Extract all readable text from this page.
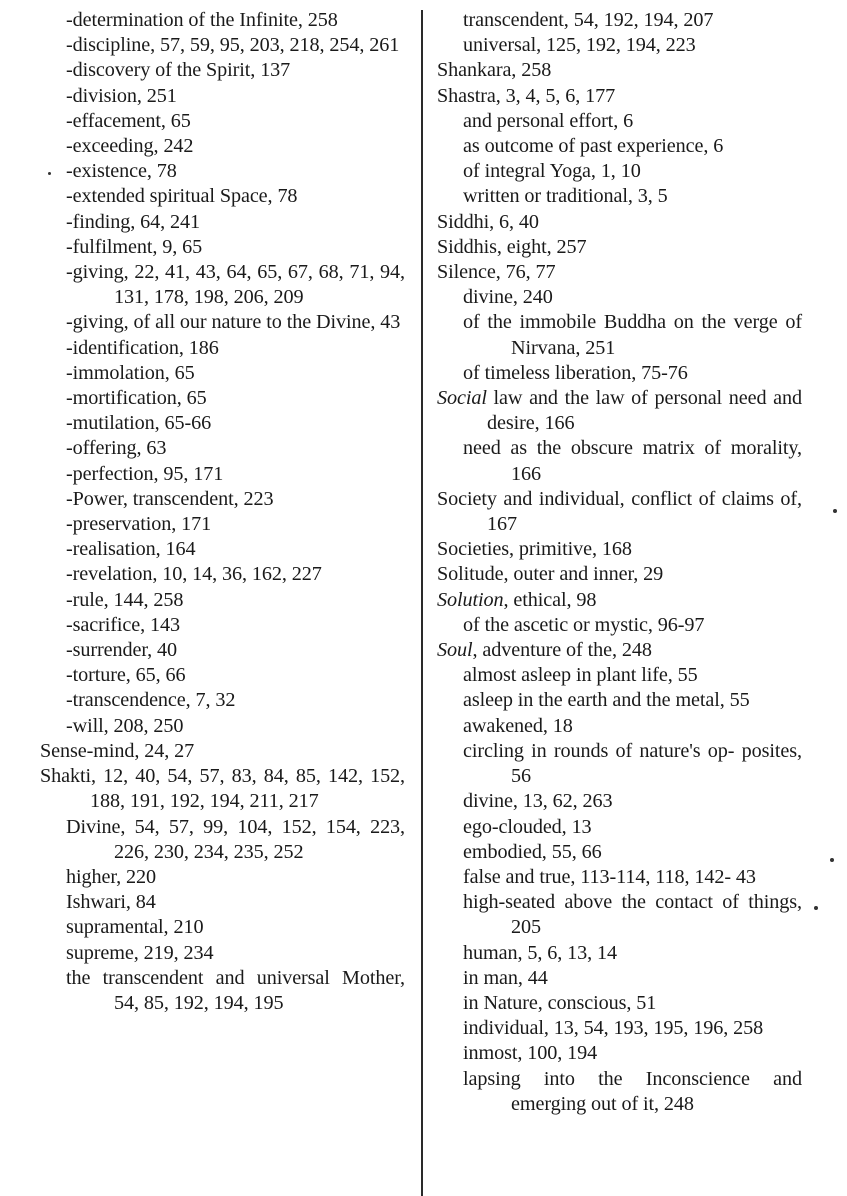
-determination of the Infinite, 258
-discipline, 57, 59, 95, 203, 218, 254, 261
-discovery of the Spirit, 137
-division, 251
-effacement, 65
-exceeding, 242
-existence, 78
-extended spiritual Space, 78
-finding, 64, 241
-fulfilment, 9, 65
-giving, 22, 41, 43, 64, 65, 67, 68, 71, 94, 131, 178, 198, 206, 209
-giving, of all our nature to the Divine, 43
-identification, 186
-immolation, 65
-mortification, 65
-mutilation, 65-66
-offering, 63
-perfection, 95, 171
-Power, transcendent, 223
-preservation, 171
-realisation, 164
-revelation, 10, 14, 36, 162, 227
-rule, 144, 258
-sacrifice, 143
-surrender, 40
-torture, 65, 66
-transcendence, 7, 32
-will, 208, 250
Sense-mind, 24, 27
Shakti, 12, 40, 54, 57, 83, 84, 85, 142, 152, 188, 191, 192, 194, 211, 217
Divine, 54, 57, 99, 104, 152, 154, 223, 226, 230, 234, 235, 252
higher, 220
Ishwari, 84
supramental, 210
supreme, 219, 234
the transcendent and universal Mother, 54, 85, 192, 194, 195
transcendent, 54, 192, 194, 207
universal, 125, 192, 194, 223
Shankara, 258
Shastra, 3, 4, 5, 6, 177
and personal effort, 6
as outcome of past experience, 6
of integral Yoga, 1, 10
written or traditional, 3, 5
Siddhi, 6, 40
Siddhis, eight, 257
Silence, 76, 77
divine, 240
of the immobile Buddha on the verge of Nirvana, 251
of timeless liberation, 75-76
Social law and the law of personal need and desire, 166
need as the obscure matrix of morality, 166
Society and individual, conflict of claims of, 167
Societies, primitive, 168
Solitude, outer and inner, 29
Solution, ethical, 98
of the ascetic or mystic, 96-97
Soul, adventure of the, 248
almost asleep in plant life, 55
asleep in the earth and the metal, 55
awakened, 18
circling in rounds of nature's op- posites, 56
divine, 13, 62, 263
ego-clouded, 13
embodied, 55, 66
false and true, 113-114, 118, 142- 43
high-seated above the contact of things, 205
human, 5, 6, 13, 14
in man, 44
in Nature, conscious, 51
individual, 13, 54, 193, 195, 196, 258
inmost, 100, 194
lapsing into the Inconscience and emerging out of it, 248
